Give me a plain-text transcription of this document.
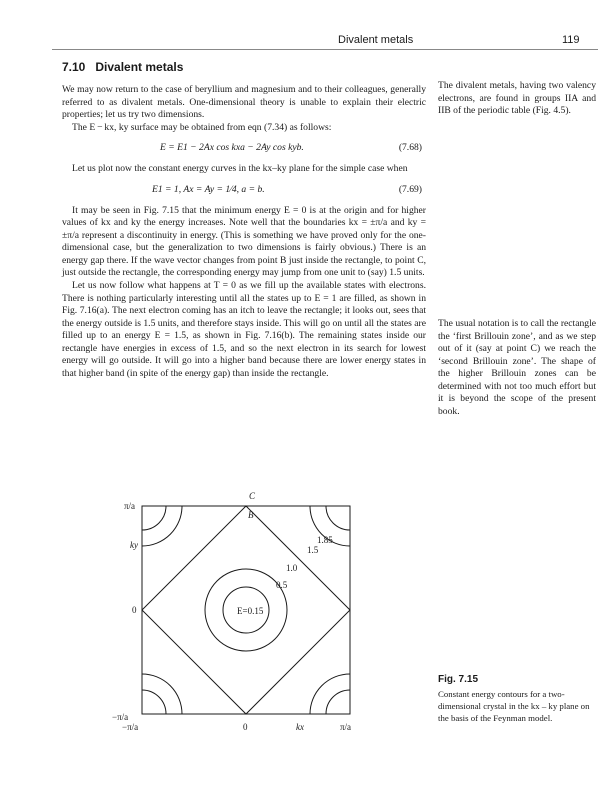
Divalent metals	119
7.10 Divalent metals

We may now return to the case of beryllium and magnesium and to their colleagues, generally referred to as divalent metals. One-dimensional theory is unable to explain their electric properties; let us try two dimensions.

The E − kx, ky surface may be obtained from eqn (7.34) as follows:

E = E1 − 2Ax cos kxa − 2Ay cos kyb.	(7.68)

Let us plot now the constant energy curves in the kx–ky plane for the simple case when

E1 = 1, Ax = Ay = 1⁄4, a = b.	(7.69)

It may be seen in Fig. 7.15 that the minimum energy E = 0 is at the origin and for higher values of kx and ky the energy increases. Note well that the boundaries kx = ±π/a and ky = ±π/a represent a discontinuity in energy. (This is something we have proved only for the one-dimensional case, but the generalization to two dimensions is fairly obvious.) There is an energy gap there. If the wave vector changes from point B just inside the rectangle, to point C, just outside the rectangle, the corresponding energy may jump from one unit to (say) 1.5 units.

Let us now follow what happens at T = 0 as we fill up the available states with electrons. There is nothing particularly interesting until all the states up to E = 1 are filled, as shown in Fig. 7.16(a). The next electron coming has an itch to leave the rectangle; it looks out, sees that the energy outside is 1.5 units, and therefore stays inside. This will go on until all the states are filled up to an energy E = 1.5, as shown in Fig. 7.16(b). The remaining states inside our rectangle have energies in excess of 1.5, and so the next electron in its search for lowest energy will go outside. It will go into a higher band because there are lower energy states in that higher band (in spite of the energy gap) than inside the rectangle.

The divalent metals, having two valency electrons, are found in groups IIA and IIB of the periodic table (Fig. 4.5).
The usual notation is to call the rectangle the ‘first Brillouin zone’, and as we step out of it (say at point C) we reach the ‘second Brillouin zone’. The shape of the higher Brillouin zones can be determined with not too much effort but it is beyond the scope of the present book.
π/a
ky
0
−π/a
−π/a	0	kx	π/a
C
B
E=0.15
0.5
1.0
1.5
1.85
Fig. 7.15
Constant energy contours for a two-dimensional crystal in the kx – ky plane on the basis of the Feynman model.
